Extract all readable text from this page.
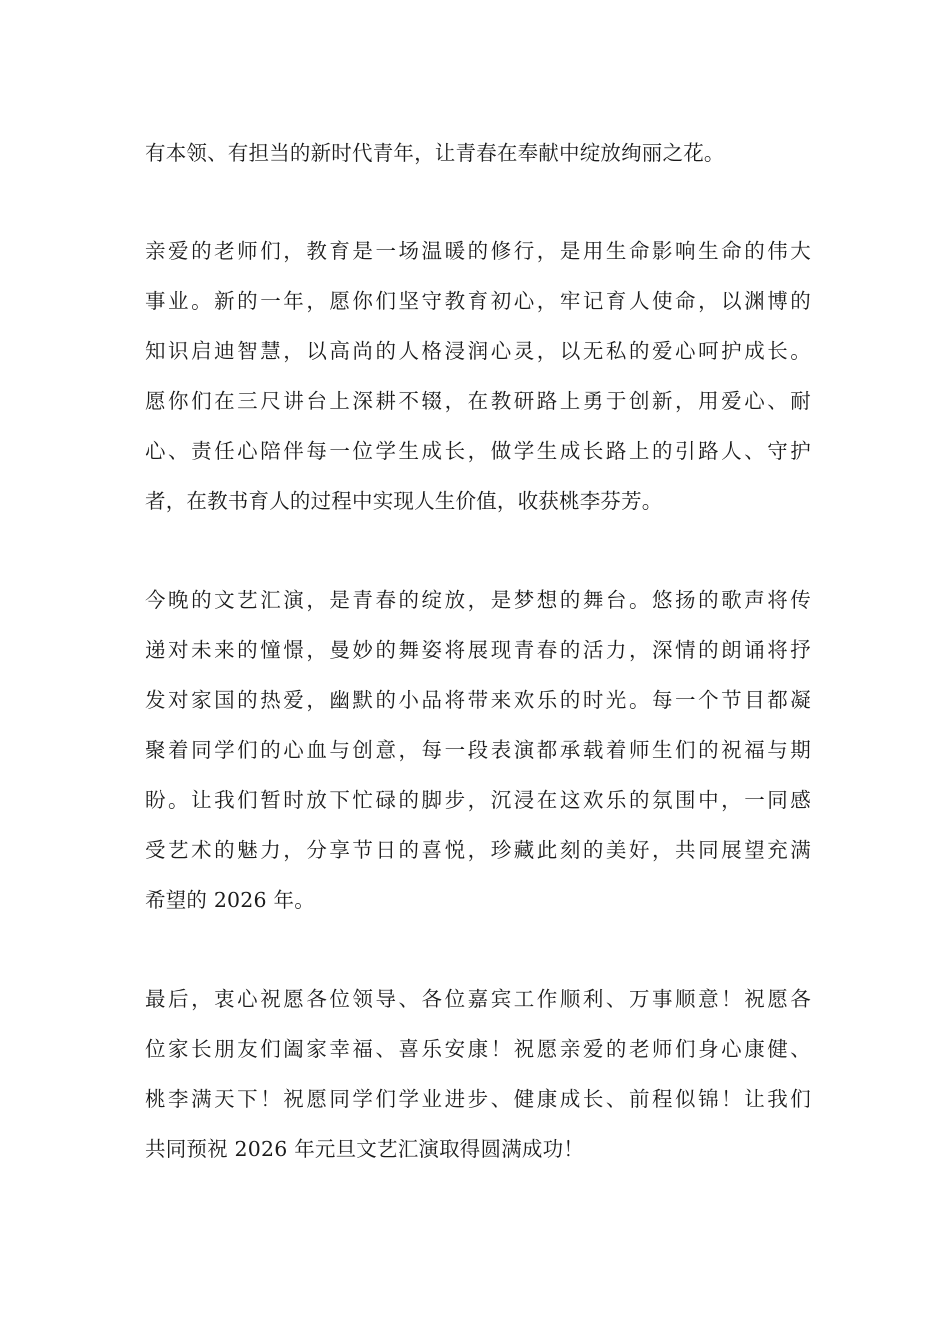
有本领、有担当的新时代青年，让青春在奉献中绽放绚丽之花。
亲爱的老师们，教育是一场温暖的修行，是用生命影响生命的伟大
事业。新的一年，愿你们坚守教育初心，牢记育人使命，以渊博的
知识启迪智慧，以高尚的人格浸润心灵，以无私的爱心呵护成长。
愿你们在三尺讲台上深耕不辍，在教研路上勇于创新，用爱心、耐
心、责任心陪伴每一位学生成长，做学生成长路上的引路人、守护
者，在教书育人的过程中实现人生价值，收获桃李芬芳。
今晚的文艺汇演，是青春的绽放，是梦想的舞台。悠扬的歌声将传
递对未来的憧憬，曼妙的舞姿将展现青春的活力，深情的朗诵将抒
发对家国的热爱，幽默的小品将带来欢乐的时光。每一个节目都凝
聚着同学们的心血与创意，每一段表演都承载着师生们的祝福与期
盼。让我们暂时放下忙碌的脚步，沉浸在这欢乐的氛围中，一同感
受艺术的魅力，分享节日的喜悦，珍藏此刻的美好，共同展望充满
希望的 2026 年。
最后，衷心祝愿各位领导、各位嘉宾工作顺利、万事顺意！祝愿各
位家长朋友们阖家幸福、喜乐安康！祝愿亲爱的老师们身心康健、
桃李满天下！祝愿同学们学业进步、健康成长、前程似锦！让我们
共同预祝 2026 年元旦文艺汇演取得圆满成功！
